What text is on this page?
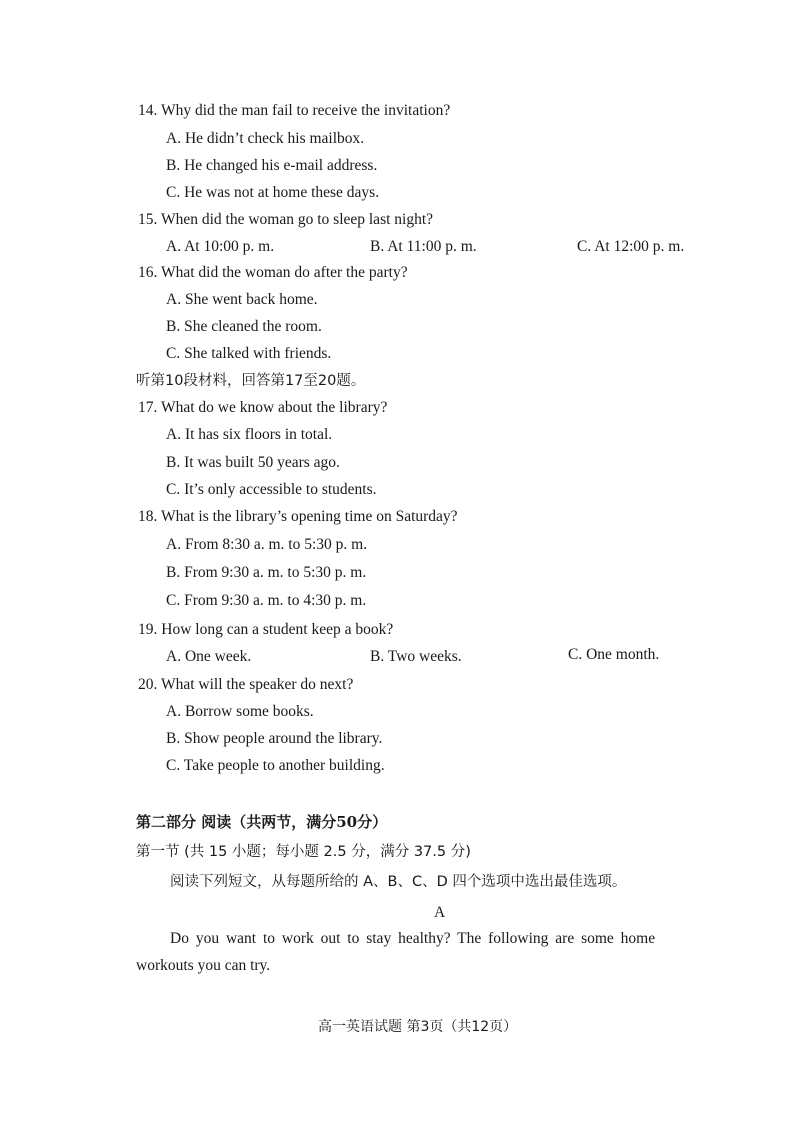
14. Why did the man fail to receive the invitation?
A. He didn’t check his mailbox.
B. He changed his e-mail address.
C. He was not at home these days.
15. When did the woman go to sleep last night?
A. At 10:00 p. m.	B. At 11:00 p. m.	C. At 12:00 p. m.
16. What did the woman do after the party?
A. She went back home.
B. She cleaned the room.
C. She talked with friends.
听第10段材料，回答第17至20题。
17. What do we know about the library?
A. It has six floors in total.
B. It was built 50 years ago.
C. It’s only accessible to students.
18. What is the library’s opening time on Saturday?
A. From 8:30 a. m. to 5:30 p. m.
B. From 9:30 a. m. to 5:30 p. m.
C. From 9:30 a. m. to 4:30 p. m.
19. How long can a student keep a book?
A. One week.	B. Two weeks.	C. One month.
20. What will the speaker do next?
A. Borrow some books.
B. Show people around the library.
C. Take people to another building.
第二部分 阅读（共两节，满分50分）
第一节 (共 15 小题；每小题 2.5 分，满分 37.5 分)
阅读下列短文，从每题所给的 A、B、C、D 四个选项中选出最佳选项。
A
Do you want to work out to stay healthy? The following are some home
workouts you can try.
高一英语试题 第3页（共12页）
